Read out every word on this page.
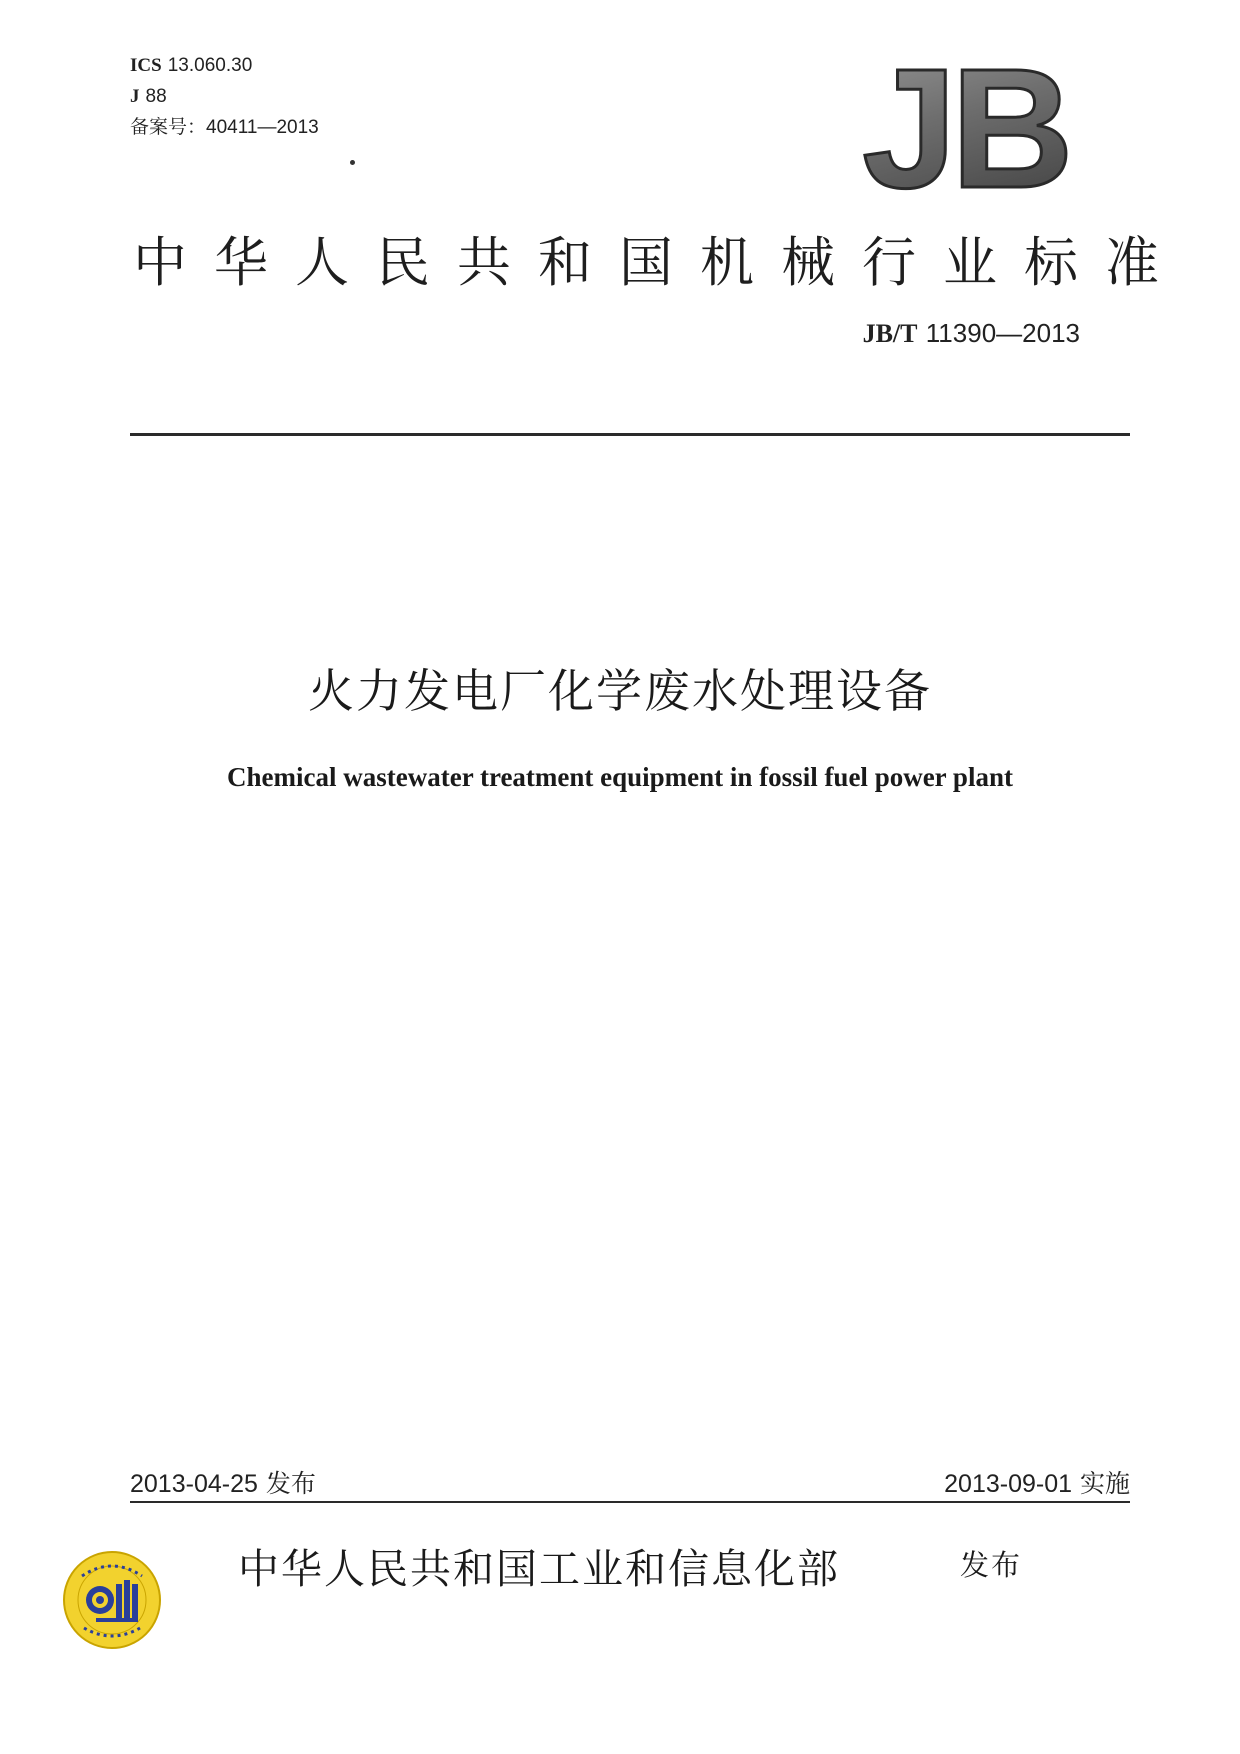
ICS 13.060.30
J 88
备案号：40411—2013	JB
中华人民共和国机械行业标准
JB/T 11390—2013
火力发电厂化学废水处理设备
Chemical wastewater treatment equipment in fossil fuel power plant
2013-04-25 发布	2013-09-01 实施
中华人民共和国工业和信息化部	发布
